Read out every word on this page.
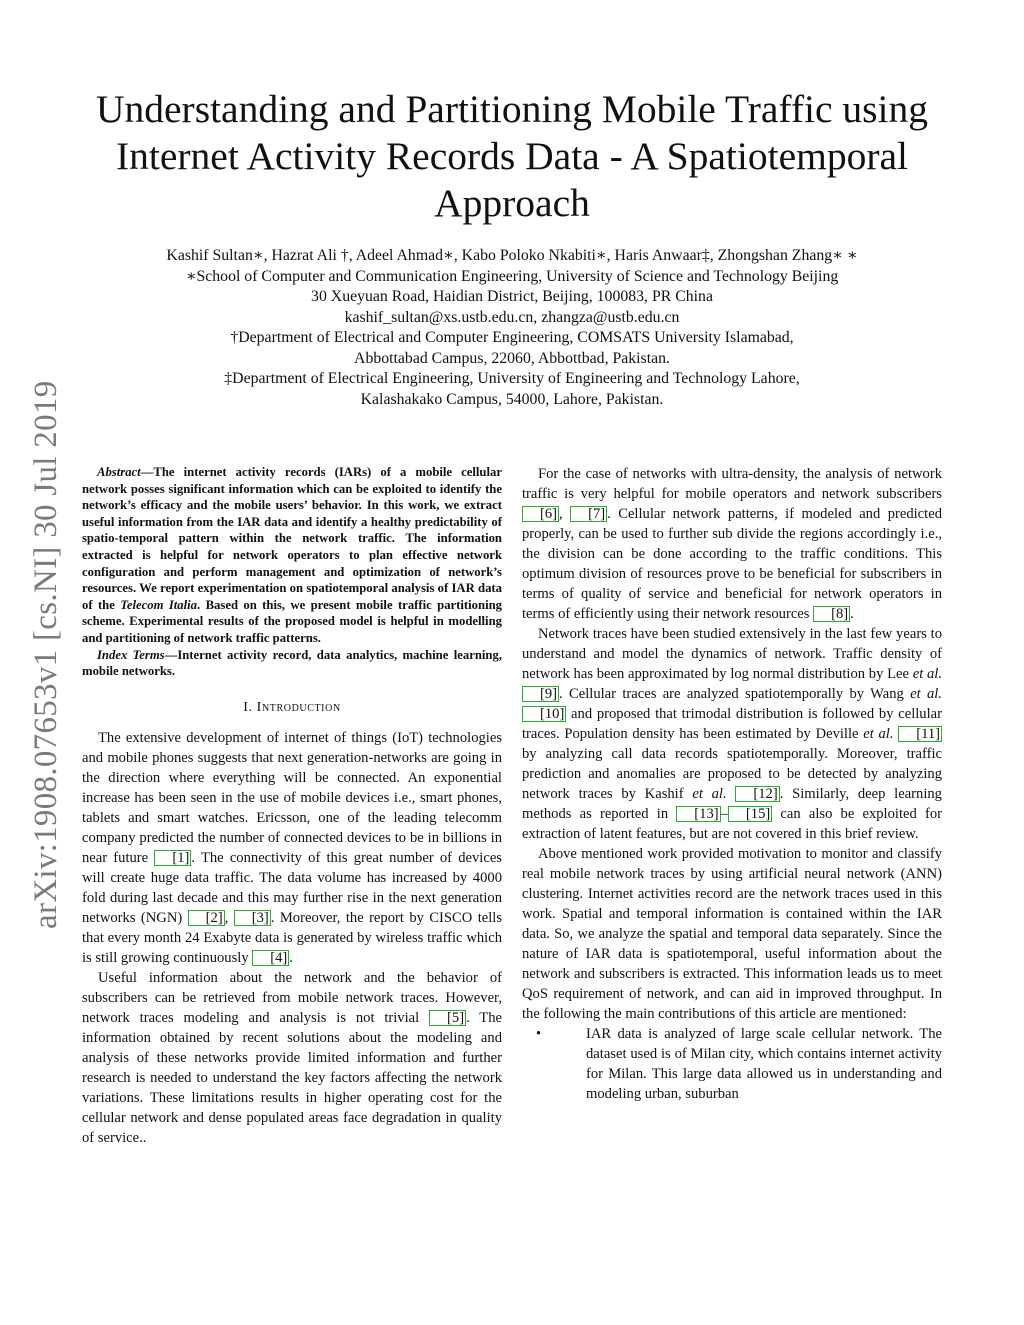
arXiv:1908.07653v1 [cs.NI] 30 Jul 2019
Understanding and Partitioning Mobile Traffic using
Internet Activity Records Data - A Spatiotemporal
Approach
Kashif Sultan∗, Hazrat Ali †, Adeel Ahmad∗, Kabo Poloko Nkabiti∗, Haris Anwaar‡, Zhongshan Zhang∗ ∗
∗School of Computer and Communication Engineering, University of Science and Technology Beijing
30 Xueyuan Road, Haidian District, Beijing, 100083, PR China
kashif_sultan@xs.ustb.edu.cn, zhangza@ustb.edu.cn
†Department of Electrical and Computer Engineering, COMSATS University Islamabad,
Abbottabad Campus, 22060, Abbottbad, Pakistan.
‡Department of Electrical Engineering, University of Engineering and Technology Lahore,
Kalashakako Campus, 54000, Lahore, Pakistan.

Abstract—The internet activity records (IARs) of a mobile cellular network posses significant information which can be exploited to identify the network’s efficacy and the mobile users’ behavior. In this work, we extract useful information from the IAR data and identify a healthy predictability of spatio-temporal pattern within the network traffic. The information extracted is helpful for network operators to plan effective network configuration and perform management and optimization of network’s resources. We report experimentation on spatiotemporal analysis of IAR data of the Telecom Italia. Based on this, we present mobile traffic partitioning scheme. Experimental results of the proposed model is helpful in modelling and partitioning of network traffic patterns.

Index Terms—Internet activity record, data analytics, machine learning, mobile networks.

I. Introduction

The extensive development of internet of things (IoT) technologies and mobile phones suggests that next generation-networks are going in the direction where everything will be connected. An exponential increase has been seen in the use of mobile devices i.e., smart phones, tablets and smart watches. Ericsson, one of the leading telecomm company predicted the number of connected devices to be in billions in near future [1] . The connectivity of this great number of devices will create huge data traffic. The data volume has increased by 4000 fold during last decade and this may further rise in the next generation networks (NGN) [2] , [3] . Moreover, the report by CISCO tells that every month 24 Exabyte data is generated by wireless traffic which is still growing continuously [4] .

Useful information about the network and the behavior of subscribers can be retrieved from mobile network traces. However, network traces modeling and analysis is not trivial [5] . The information obtained by recent solutions about the modeling and analysis of these networks provide limited information and further research is needed to understand the key factors affecting the network variations. These limitations results in higher operating cost for the cellular network and dense populated areas face degradation in quality of service..

For the case of networks with ultra-density, the analysis of network traffic is very helpful for mobile operators and network subscribers [6] , [7] . Cellular network patterns, if modeled and predicted properly, can be used to further sub divide the regions accordingly i.e., the division can be done according to the traffic conditions. This optimum division of resources prove to be beneficial for subscribers in terms of quality of service and beneficial for network operators in terms of efficiently using their network resources [8] .

Network traces have been studied extensively in the last few years to understand and model the dynamics of network. Traffic density of network has been approximated by log normal distribution by Lee et al. [9] . Cellular traces are analyzed spatiotemporally by Wang et al. [10] and proposed that trimodal distribution is followed by cellular traces. Population density has been estimated by Deville et al. [11] by analyzing call data records spatiotemporally. Moreover, traffic prediction and anomalies are proposed to be detected by analyzing network traces by Kashif et al. [12] . Similarly, deep learning methods as reported in [13] – [15] can also be exploited for extraction of latent features, but are not covered in this brief review.

Above mentioned work provided motivation to monitor and classify real mobile network traces by using artificial neural network (ANN) clustering. Internet activities record are the network traces used in this work. Spatial and temporal information is contained within the IAR data. So, we analyze the spatial and temporal data separately. Since the nature of IAR data is spatiotemporal, useful information about the network and subscribers is extracted. This information leads us to meet QoS requirement of network, and can aid in improved throughput. In the following the main contributions of this article are mentioned:

•	IAR data is analyzed of large scale cellular network. The dataset used is of Milan city, which contains internet activity for Milan. This large data allowed us in understanding and modeling urban, suburban
